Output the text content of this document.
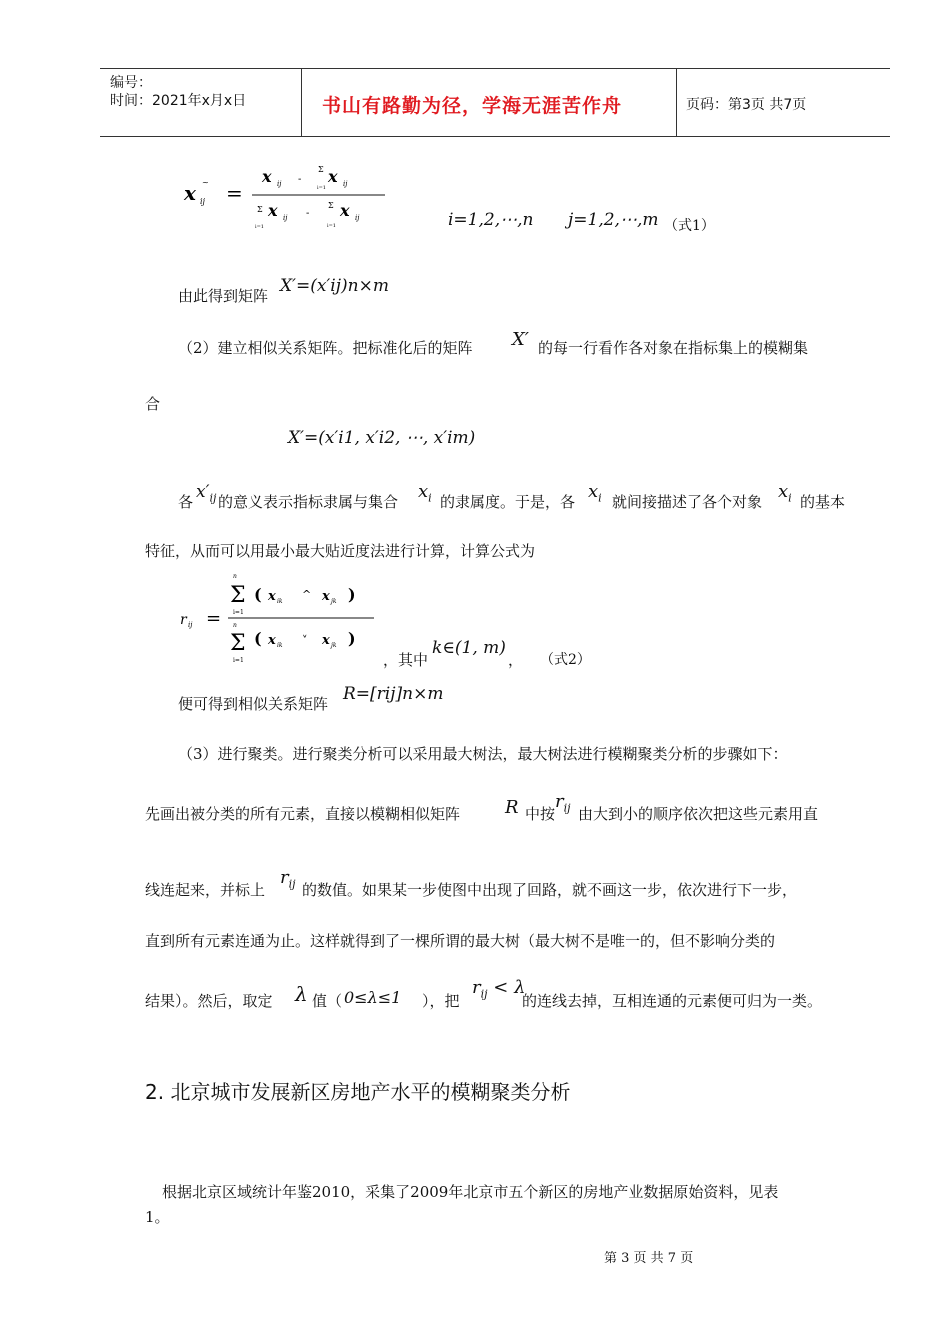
编号：
时间：2021年x月x日	书山有路勤为径，学海无涯苦作舟	页码：第3页 共7页
x ij
~ =
x ij -
Σ
i=1
x ij
Σ
i=1
x ij -
Σ
i=1
x ij	i=1,2,⋯,n j=1,2,⋯,m （式1）
由此得到矩阵 X′=(x′ij)n×m
（2）建立相似关系矩阵。把标准化后的矩阵 X′ 的每一行看作各对象在指标集上的模糊集
合
X′=(x′i1, x′i2, ⋯, x′im)
各 $x'_{ij}$ 的意义表示指标隶属与集合 $x_i$ 的隶属度。于是，各 $x_i$ 就间接描述了各个对象 $x_i$ 的基本
特征，从而可以用最小最大贴近度法进行计算，计算公式为
r ij =
n
Σ
i=1
( x ik
^ x jk )
n
Σ
i=1
( x ik ˅ x jk )
，其中
k∈(1, m)
， （式2）
便可得到相似关系矩阵 R=[rij]n×m
（3）进行聚类。进行聚类分析可以采用最大树法，最大树法进行模糊聚类分析的步骤如下：
先画出被分类的所有元素，直接以模糊相似矩阵 R 中按
$r_{ij}$ 由大到小的顺序依次把这些元素用直
线连起来，并标上
$r_{ij}$ 的数值。如果某一步使图中出现了回路，就不画这一步，依次进行下一步，
直到所有元素连通为止。这样就得到了一棵所谓的最大树（最大树不是唯一的，但不影响分类的
结果）。然后，取定 λ 值（ 0≤λ≤1 ），把
$r_{ij} < \lambda$
的连线去掉，互相连通的元素便可归为一类。
2. 北京城市发展新区房地产水平的模糊聚类分析
根据北京区域统计年鉴2010，采集了2009年北京市五个新区的房地产业数据原始资料，见表
1。
第 3 页 共 7 页
